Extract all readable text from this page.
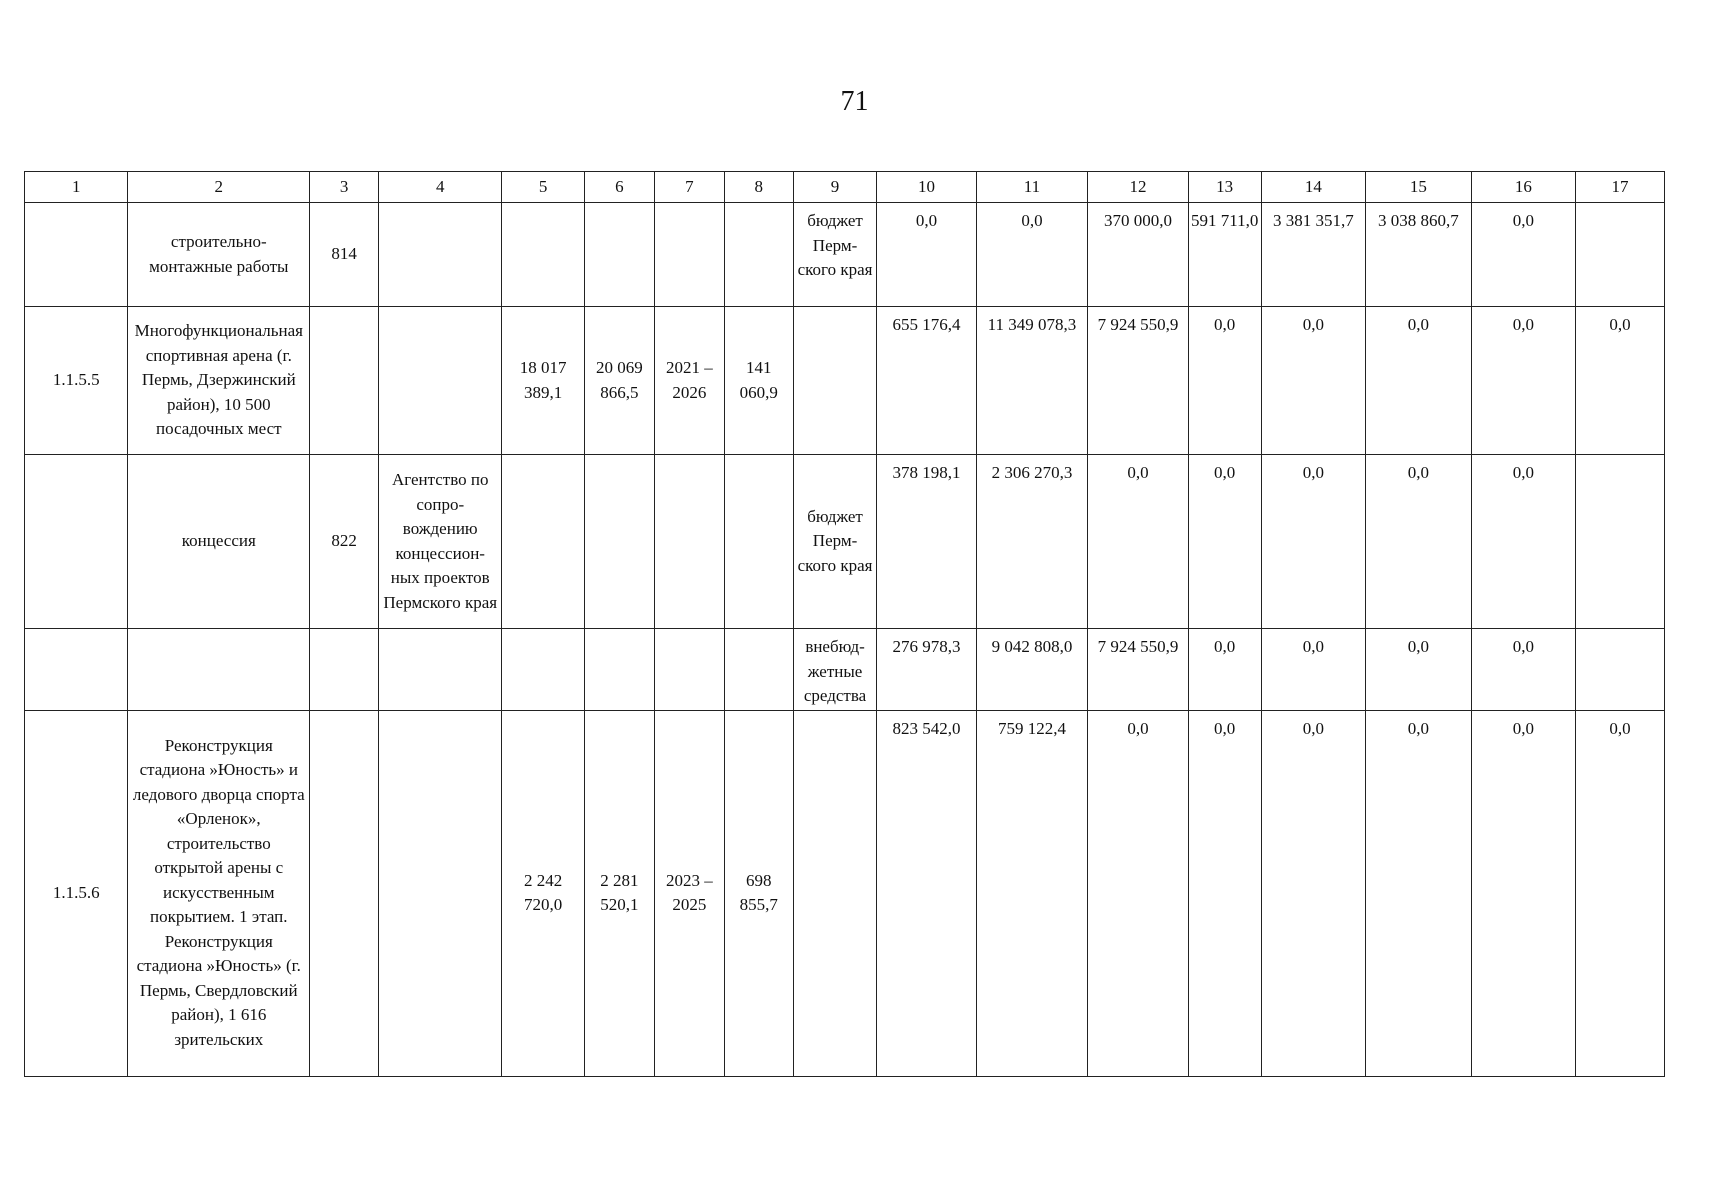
71
1	2	3	4	5	6	7	8	9	10	11	12	13	14	15	16	17
	строительно-монтажные работы	814						бюджет Перм-ского края	0,0	0,0	370 000,0	591 711,0	3 381 351,7	3 038 860,7	0,0	
1.1.5.5	Многофункциональная спортивная арена (г. Пермь, Дзержинский район), 10 500 посадочных мест			18 017 389,1	20 069 866,5	2021 – 2026	141 060,9		655 176,4	11 349 078,3	7 924 550,9	0,0	0,0	0,0	0,0	0,0
	концессия	822	Агентство по сопро-вождению концессион-ных проектов Пермского края					бюджет Перм-ского края	378 198,1	2 306 270,3	0,0	0,0	0,0	0,0	0,0	
								внебюд-жетные средства	276 978,3	9 042 808,0	7 924 550,9	0,0	0,0	0,0	0,0	
1.1.5.6	Реконструкция стадиона »Юность» и ледового дворца спорта «Орленок», строительство открытой арены с искусственным покрытием. 1 этап. Реконструкция стадиона »Юность» (г. Пермь, Свердловский район), 1 616 зрительских			2 242 720,0	2 281 520,1	2023 – 2025	698 855,7		823 542,0	759 122,4	0,0	0,0	0,0	0,0	0,0	0,0
